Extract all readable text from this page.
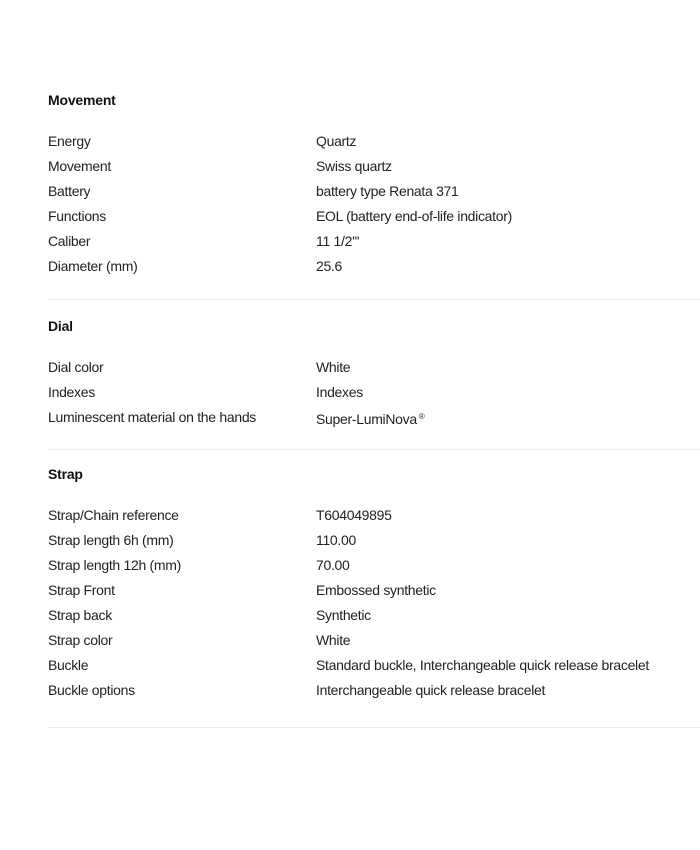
Movement
Energy	Quartz
Movement	Swiss quartz
Battery	battery type Renata 371
Functions	EOL (battery end-of-life indicator)
Caliber	11 1/2'''
Diameter (mm)	25.6
Dial
Dial color	White
Indexes	Indexes
Luminescent material on the hands	Super-LumiNova ®
Strap
Strap/Chain reference	T604049895
Strap length 6h (mm)	110.00
Strap length 12h (mm)	70.00
Strap Front	Embossed synthetic
Strap back	Synthetic
Strap color	White
Buckle	Standard buckle, Interchangeable quick release bracelet
Buckle options	Interchangeable quick release bracelet
